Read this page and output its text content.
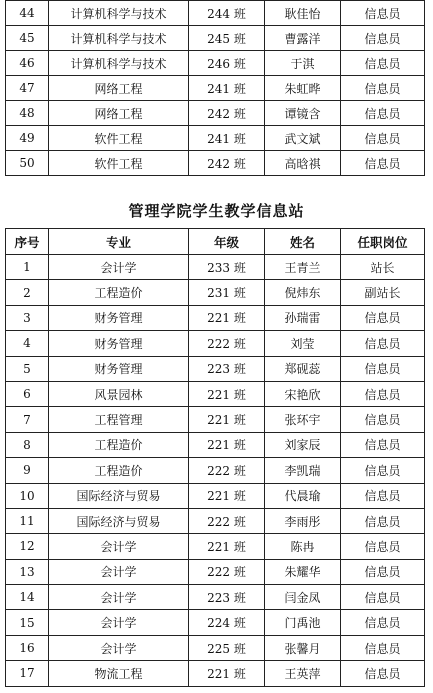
44	计算机科学与技术	244 班	耿佳怡	信息员
45	计算机科学与技术	245 班	曹露洋	信息员
46	计算机科学与技术	246 班	于淇	信息员
47	网络工程	241 班	朱虹晔	信息员
48	网络工程	242 班	谭镜含	信息员
49	软件工程	241 班	武文斌	信息员
50	软件工程	242 班	高晗祺	信息员
管理学院学生教学信息站
序号	专业	年级	姓名	任职岗位
1	会计学	233 班	王青兰	站长
2	工程造价	231 班	倪炜东	副站长
3	财务管理	221 班	孙瑞雷	信息员
4	财务管理	222 班	刘莹	信息员
5	财务管理	223 班	郑砚蕊	信息员
6	风景园林	221 班	宋艳欣	信息员
7	工程管理	221 班	张环宇	信息员
8	工程造价	221 班	刘家辰	信息员
9	工程造价	222 班	李凯瑞	信息员
10	国际经济与贸易	221 班	代晨瑜	信息员
11	国际经济与贸易	222 班	李雨彤	信息员
12	会计学	221 班	陈冉	信息员
13	会计学	222 班	朱耀华	信息员
14	会计学	223 班	闫金凤	信息员
15	会计学	224 班	门禹池	信息员
16	会计学	225 班	张馨月	信息员
17	物流工程	221 班	王英萍	信息员
